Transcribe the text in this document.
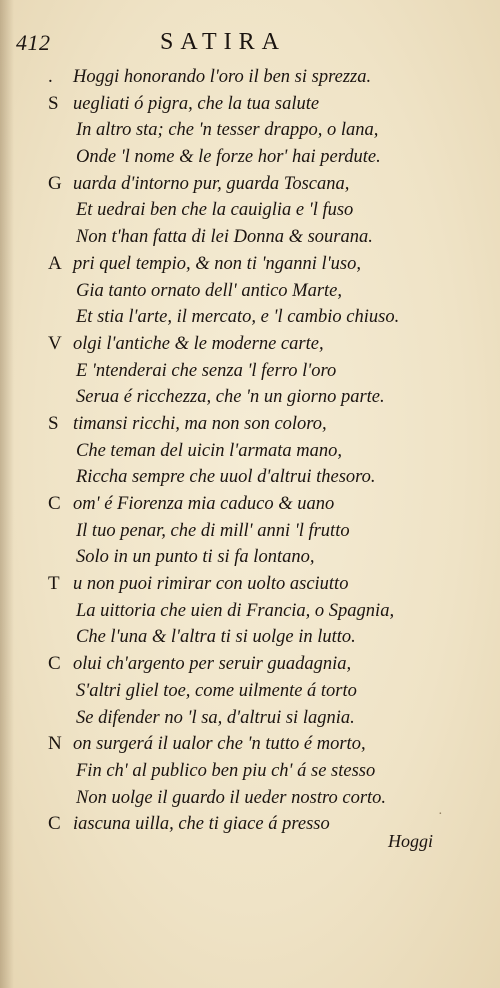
412	SATIRA
. Hoggi honorando l'oro il ben si sprezza.
S uegliati ó pigra, che la tua salute
In altro sta; che 'n tesser drappo, o lana,
Onde 'l nome & le forze hor' hai perdute.
G uarda d'intorno pur, guarda Toscana,
Et uedrai ben che la cauiglia e 'l fuso
Non t'han fatta di lei Donna & sourana.
A pri quel tempio, & non ti 'nganni l'uso,
Gia tanto ornato dell' antico Marte,
Et stia l'arte, il mercato, e 'l cambio chiuso.
V olgi l'antiche & le moderne carte,
E 'ntenderai che senza 'l ferro l'oro
Serua é ricchezza, che 'n un giorno parte.
S timansi ricchi, ma non son coloro,
Che teman del uicin l'armata mano,
Riccha sempre che uuol d'altrui thesoro.
C om' é Fiorenza mia caduco & uano
Il tuo penar, che di mill' anni 'l frutto
Solo in un punto ti si fa lontano,
T u non puoi rimirar con uolto asciutto
La uittoria che uien di Francia, o Spagnia,
Che l'una & l'altra ti si uolge in lutto.
C olui ch'argento per seruir guadagnia,
S'altri gliel toe, come uilmente á torto
Se difender no 'l sa, d'altrui si lagnia.
N on surgerá il ualor che 'n tutto é morto,
Fin ch' al publico ben piu ch' á se stesso
Non uolge il guardo il ueder nostro corto.
C iascuna uilla, che ti giace á presso
Hoggi
·
